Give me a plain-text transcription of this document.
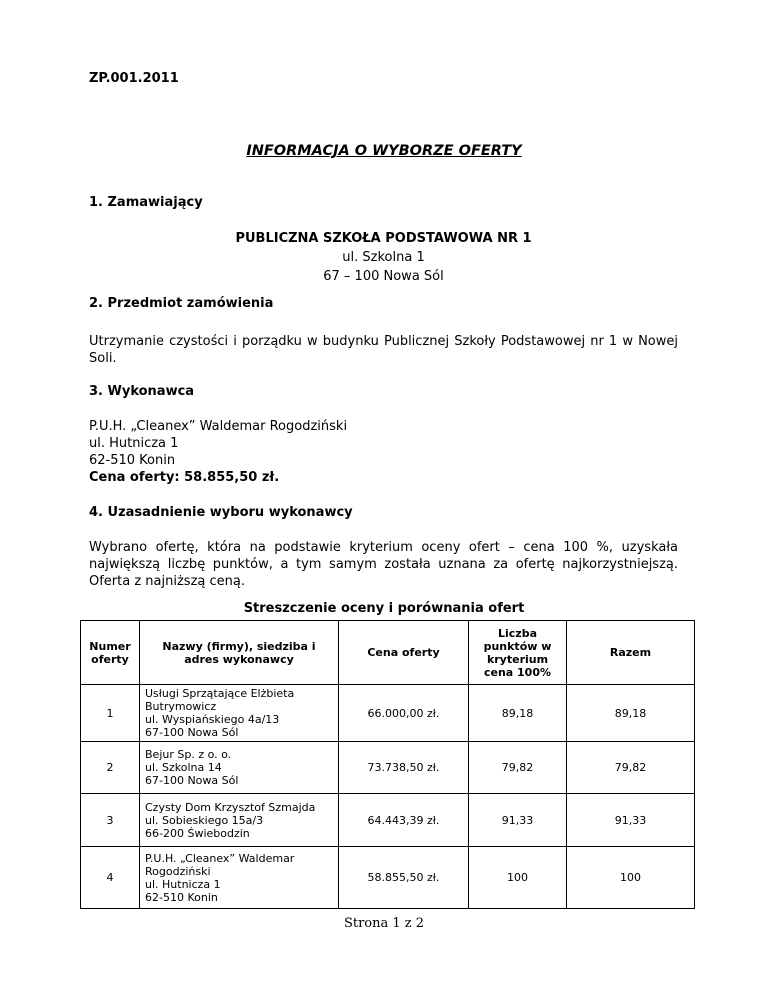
ZP.001.2011
INFORMACJA O WYBORZE OFERTY
1. Zamawiający
PUBLICZNA SZKOŁA PODSTAWOWA NR 1
ul. Szkolna 1
67 – 100 Nowa Sól
2. Przedmiot zamówienia
Utrzymanie czystości i porządku w budynku Publicznej Szkoły Podstawowej nr 1 w Nowej Soli.
3. Wykonawca
P.U.H. „Cleanex” Waldemar Rogodziński
ul. Hutnicza 1
62-510 Konin
Cena oferty: 58.855,50 zł.
4. Uzasadnienie wyboru wykonawcy
Wybrano ofertę, która na podstawie kryterium oceny ofert – cena 100 %, uzyskała największą liczbę punktów, a tym samym została uznana za ofertę najkorzystniejszą. Oferta z najniższą ceną.
Streszczenie oceny i porównania ofert
Numer oferty	Nazwy (firmy), siedziba i adres wykonawcy	Cena oferty	Liczba punktów w kryterium cena 100%	Razem
1	Usługi Sprzątające Elżbieta Butrymowicz
ul. Wyspiańskiego 4a/13
67-100 Nowa Sól	66.000,00 zł.	89,18	89,18
2	Bejur Sp. z o. o.
ul. Szkolna 14
67-100 Nowa Sól	73.738,50 zł.	79,82	79,82
3	Czysty Dom Krzysztof Szmajda
ul. Sobieskiego 15a/3
66-200 Świebodzin	64.443,39 zł.	91,33	91,33
4	P.U.H. „Cleanex” Waldemar Rogodziński
ul. Hutnicza 1
62-510 Konin	58.855,50 zł.	100	100
Strona 1 z 2
